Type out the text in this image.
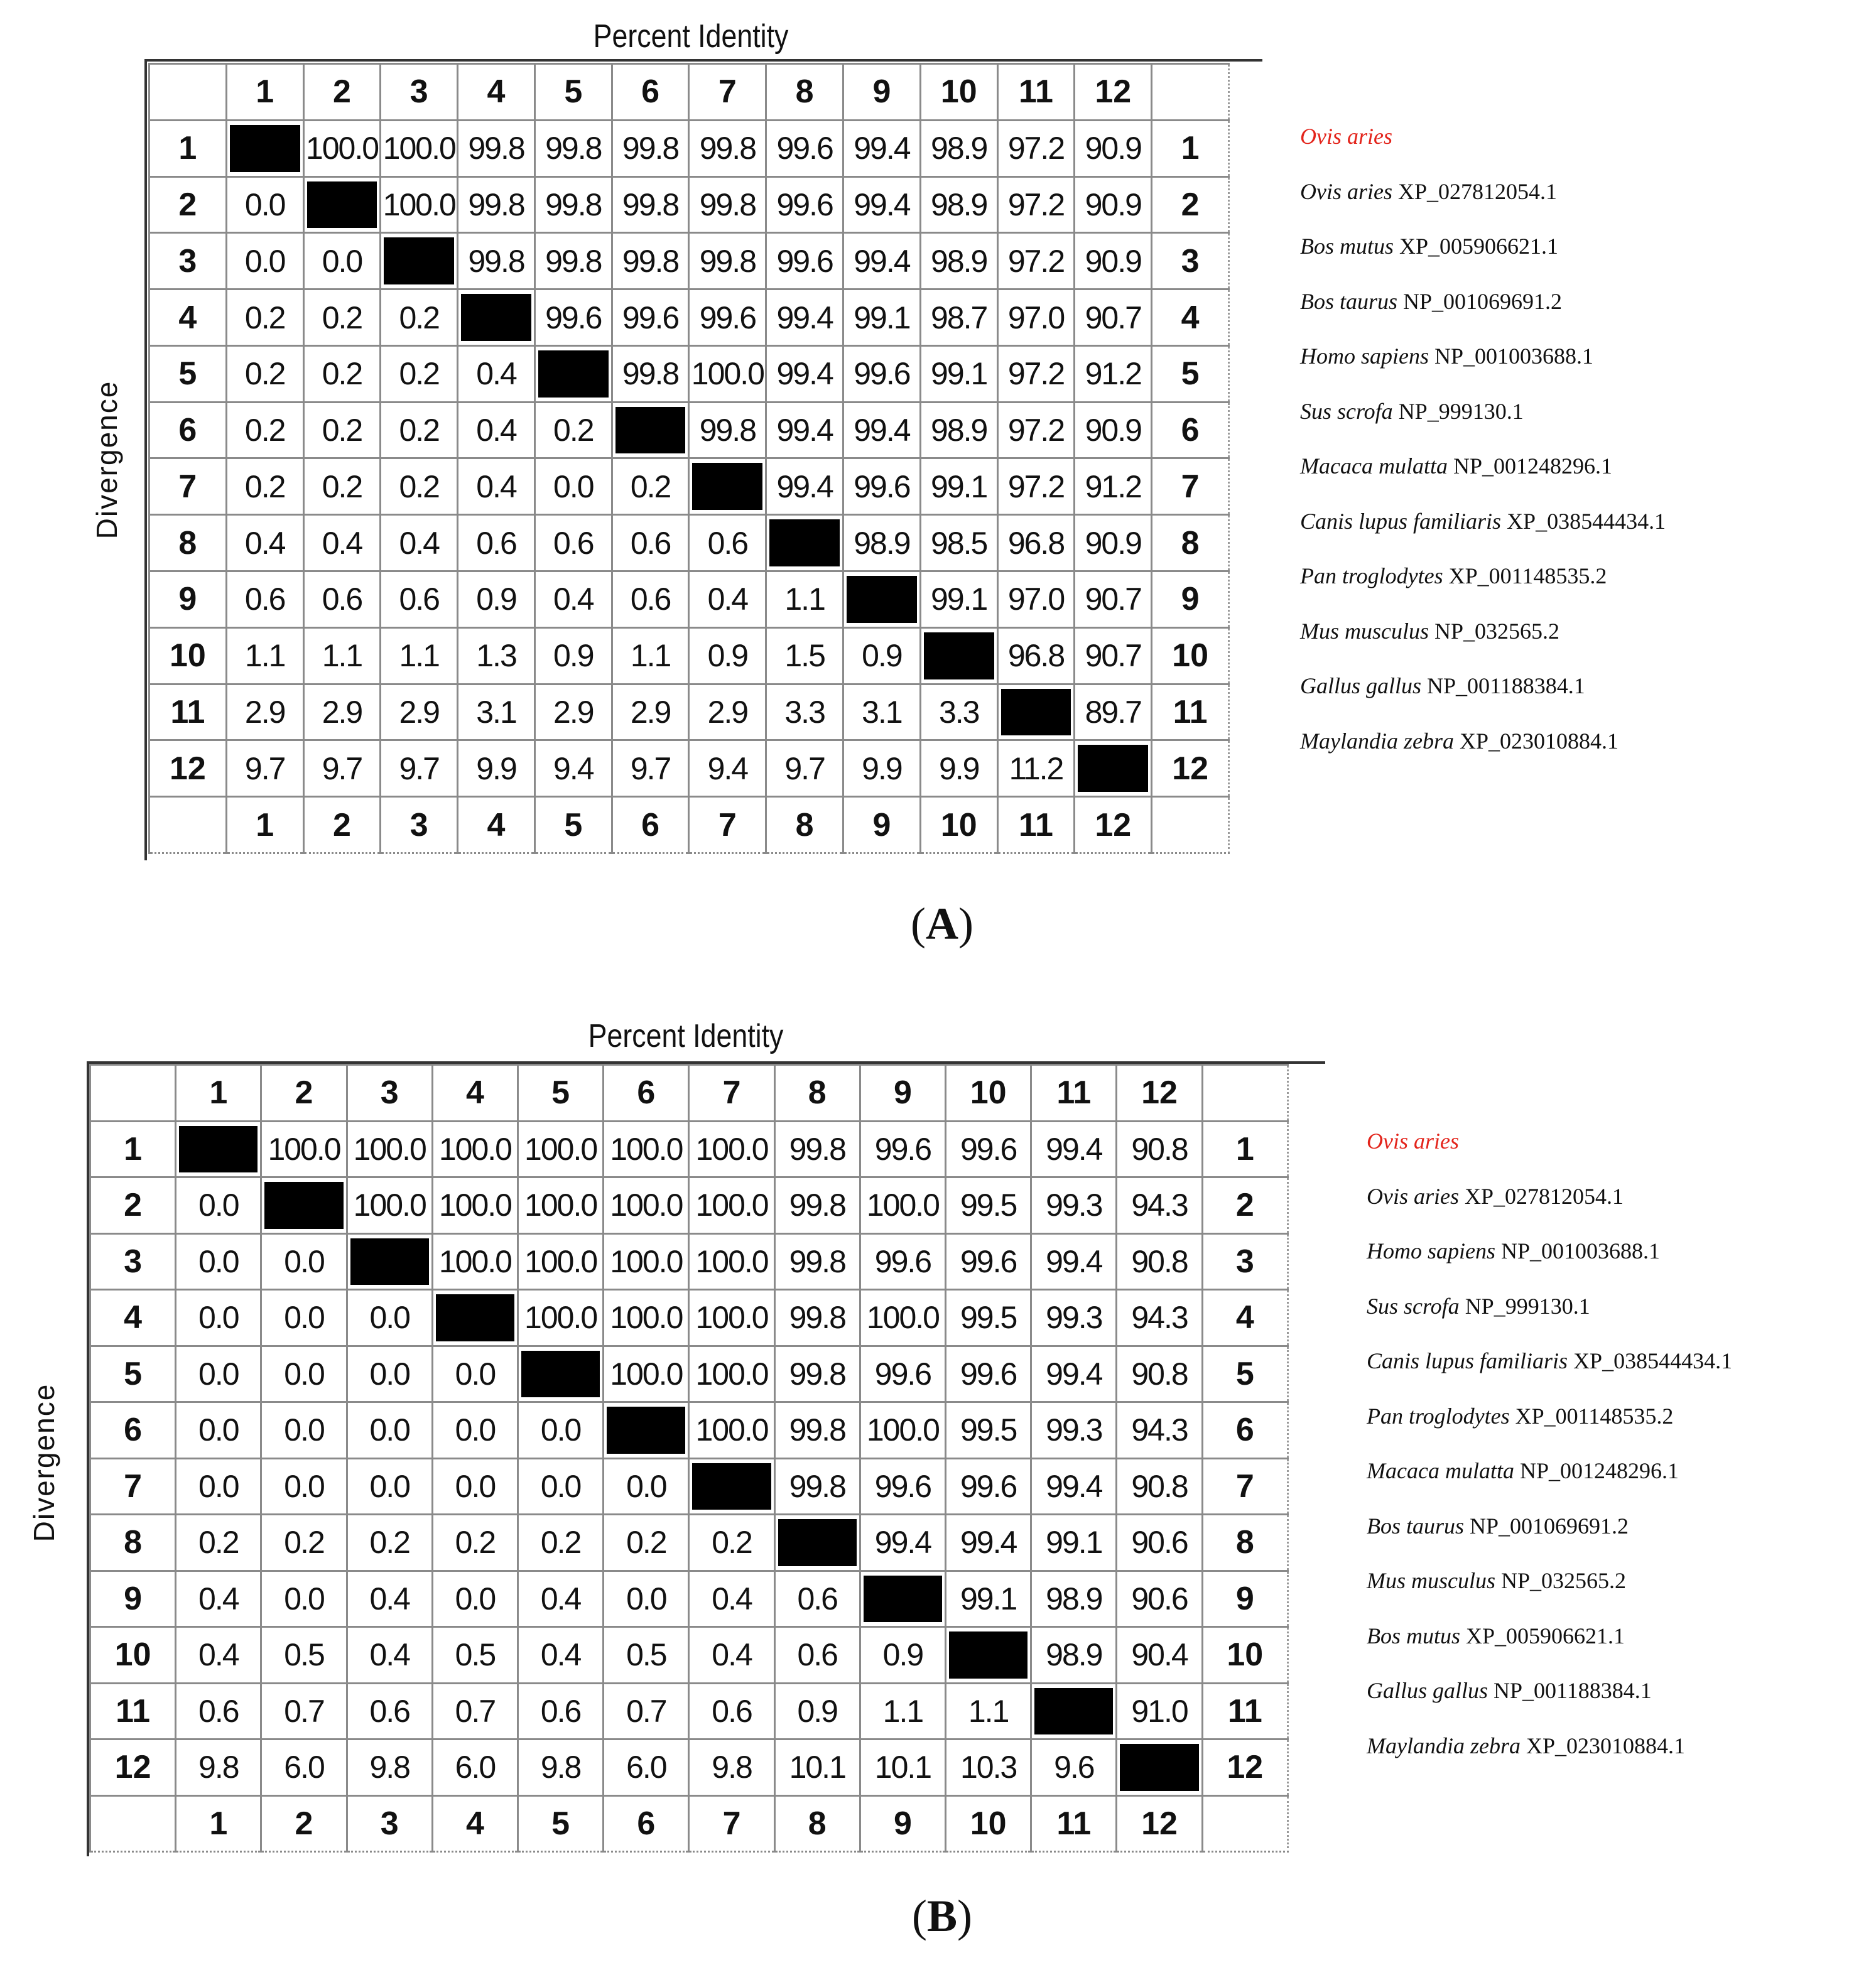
Percent Identity
Divergence
	1	2	3	4	5	6	7	8	9	10	11	12	
1		100.0	100.0	99.8	99.8	99.8	99.8	99.6	99.4	98.9	97.2	90.9	1
2	0.0		100.0	99.8	99.8	99.8	99.8	99.6	99.4	98.9	97.2	90.9	2
3	0.0	0.0		99.8	99.8	99.8	99.8	99.6	99.4	98.9	97.2	90.9	3
4	0.2	0.2	0.2		99.6	99.6	99.6	99.4	99.1	98.7	97.0	90.7	4
5	0.2	0.2	0.2	0.4		99.8	100.0	99.4	99.6	99.1	97.2	91.2	5
6	0.2	0.2	0.2	0.4	0.2		99.8	99.4	99.4	98.9	97.2	90.9	6
7	0.2	0.2	0.2	0.4	0.0	0.2		99.4	99.6	99.1	97.2	91.2	7
8	0.4	0.4	0.4	0.6	0.6	0.6	0.6		98.9	98.5	96.8	90.9	8
9	0.6	0.6	0.6	0.9	0.4	0.6	0.4	1.1		99.1	97.0	90.7	9
10	1.1	1.1	1.1	1.3	0.9	1.1	0.9	1.5	0.9		96.8	90.7	10
11	2.9	2.9	2.9	3.1	2.9	2.9	2.9	3.3	3.1	3.3		89.7	11
12	9.7	9.7	9.7	9.9	9.4	9.7	9.4	9.7	9.9	9.9	11.2		12
	1	2	3	4	5	6	7	8	9	10	11	12	
Ovis aries
Ovis aries XP_027812054.1
Bos mutus XP_005906621.1
Bos taurus NP_001069691.2
Homo sapiens NP_001003688.1
Sus scrofa NP_999130.1
Macaca mulatta NP_001248296.1
Canis lupus familiaris XP_038544434.1
Pan troglodytes XP_001148535.2
Mus musculus NP_032565.2
Gallus gallus NP_001188384.1
Maylandia zebra XP_023010884.1
(A)
Percent Identity
Divergence
	1	2	3	4	5	6	7	8	9	10	11	12	
1		100.0	100.0	100.0	100.0	100.0	100.0	99.8	99.6	99.6	99.4	90.8	1
2	0.0		100.0	100.0	100.0	100.0	100.0	99.8	100.0	99.5	99.3	94.3	2
3	0.0	0.0		100.0	100.0	100.0	100.0	99.8	99.6	99.6	99.4	90.8	3
4	0.0	0.0	0.0		100.0	100.0	100.0	99.8	100.0	99.5	99.3	94.3	4
5	0.0	0.0	0.0	0.0		100.0	100.0	99.8	99.6	99.6	99.4	90.8	5
6	0.0	0.0	0.0	0.0	0.0		100.0	99.8	100.0	99.5	99.3	94.3	6
7	0.0	0.0	0.0	0.0	0.0	0.0		99.8	99.6	99.6	99.4	90.8	7
8	0.2	0.2	0.2	0.2	0.2	0.2	0.2		99.4	99.4	99.1	90.6	8
9	0.4	0.0	0.4	0.0	0.4	0.0	0.4	0.6		99.1	98.9	90.6	9
10	0.4	0.5	0.4	0.5	0.4	0.5	0.4	0.6	0.9		98.9	90.4	10
11	0.6	0.7	0.6	0.7	0.6	0.7	0.6	0.9	1.1	1.1		91.0	11
12	9.8	6.0	9.8	6.0	9.8	6.0	9.8	10.1	10.1	10.3	9.6		12
	1	2	3	4	5	6	7	8	9	10	11	12	
Ovis aries
Ovis aries XP_027812054.1
Homo sapiens NP_001003688.1
Sus scrofa NP_999130.1
Canis lupus familiaris XP_038544434.1
Pan troglodytes XP_001148535.2
Macaca mulatta NP_001248296.1
Bos taurus NP_001069691.2
Mus musculus NP_032565.2
Bos mutus XP_005906621.1
Gallus gallus NP_001188384.1
Maylandia zebra XP_023010884.1
(B)
